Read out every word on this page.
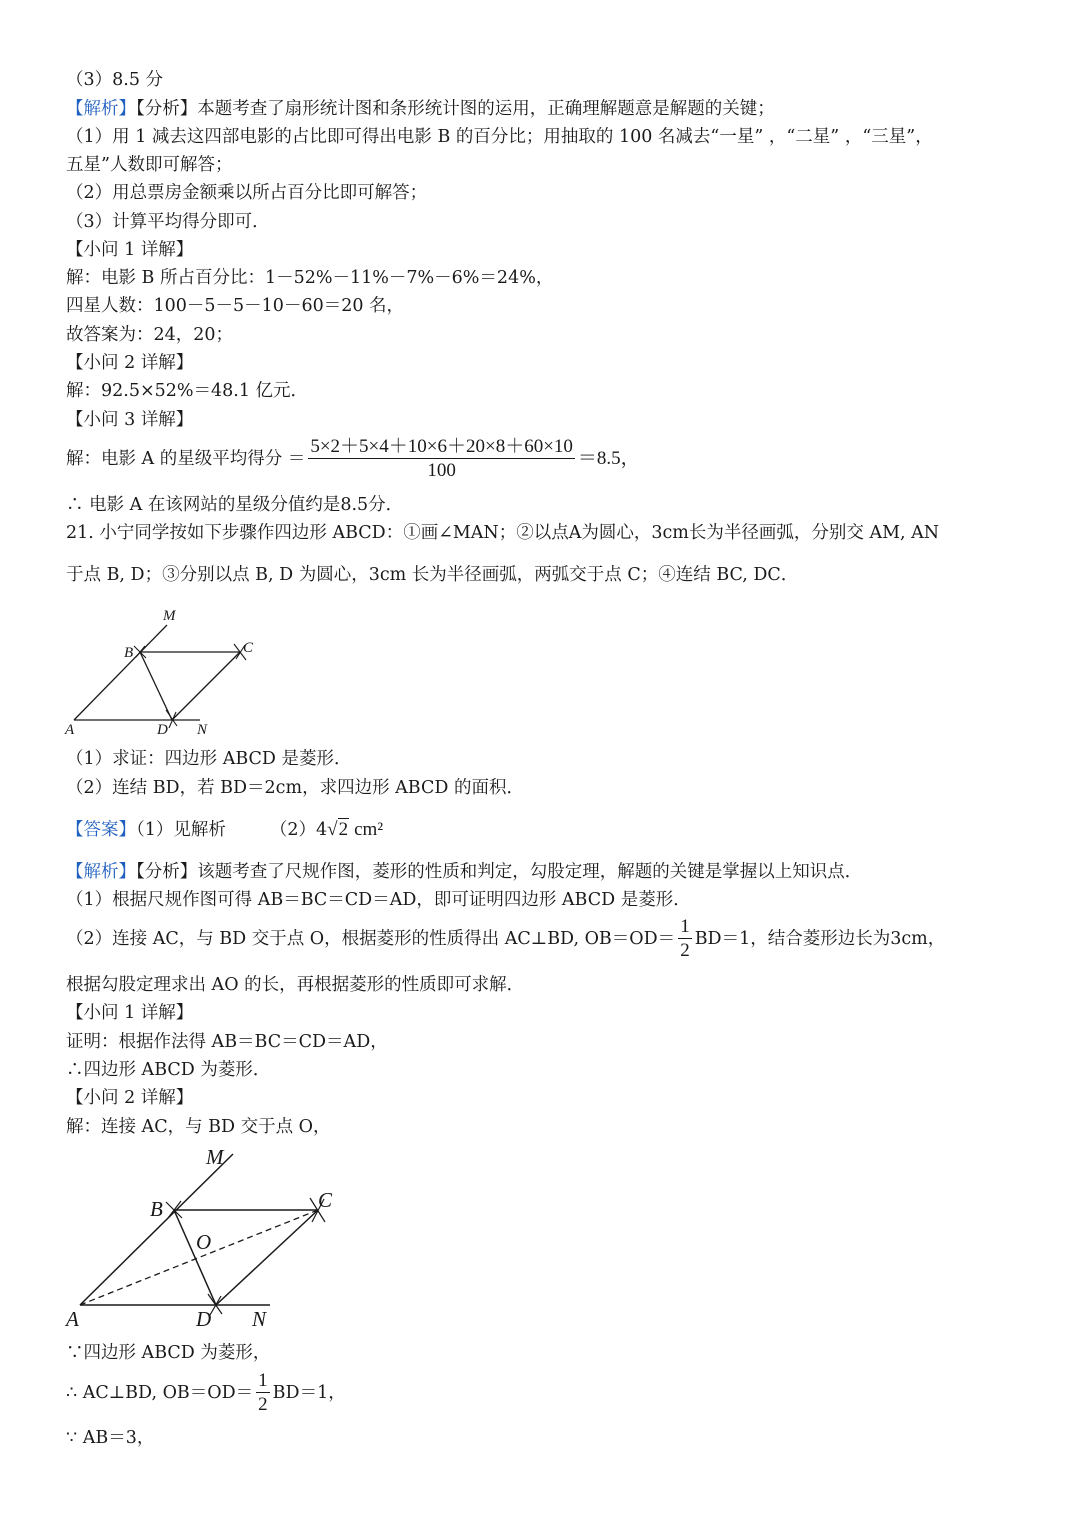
（3）8.5 分
【解析】【分析】本题考查了扇形统计图和条形统计图的运用，正确理解题意是解题的关键；
（1）用 1 减去这四部电影的占比即可得出电影 B 的百分比；用抽取的 100 名减去“一星” ，“二星” ，“三星”，
五星”人数即可解答；
（2）用总票房金额乘以所占百分比即可解答；
（3）计算平均得分即可．
【小问 1 详解】
解：电影 B 所占百分比：1－52%－11%－7%－6%＝24%，
四星人数：100－5－5－10－60＝20 名，
故答案为：24，20；
【小问 2 详解】
解：92.5×52%＝48.1 亿元．
【小问 3 详解】
解：电影 A 的星级平均得分 ＝ $\frac{5\times 2+5\times 4+10\times 6+20\times 8+60\times 10}{100} =8.5$，
∴ 电影 A 在该网站的星级分值约是8.5分．
21. 小宁同学按如下步骤作四边形 ABCD：①画∠MAN；②以点A为圆心，3cm长为半径画弧，分别交 AM, AN
于点 B, D；③分别以点 B, D 为圆心，3cm 长为半径画弧，两弧交于点 C；④连结 BC, DC．
M
B	C
A	D N
（1）求证：四边形 ABCD 是菱形．
（2）连结 BD，若 BD＝2cm，求四边形 ABCD 的面积．
【答案】（1）见解析	（2）4√2 cm²
【解析】【分析】该题考查了尺规作图，菱形的性质和判定，勾股定理，解题的关键是掌握以上知识点．
（1）根据尺规作图可得 AB＝BC＝CD＝AD，即可证明四边形 ABCD 是菱形．
（2）连接 AC，与 BD 交于点 O，根据菱形的性质得出 AC⊥BD, $OB=OD= \frac{1}{2} BD=1$，结合菱形边长为3cm，
根据勾股定理求出 AO 的长，再根据菱形的性质即可求解．
【小问 1 详解】
证明：根据作法得 AB＝BC＝CD＝AD，
∴四边形 ABCD 为菱形．
【小问 2 详解】
解：连接 AC，与 BD 交于点 O，
M
B	C
O
A	D N
∵四边形 ABCD 为菱形，
∴ AC⊥BD, $OB=OD= \frac{1}{2} BD=1$，
∵ AB＝3，
